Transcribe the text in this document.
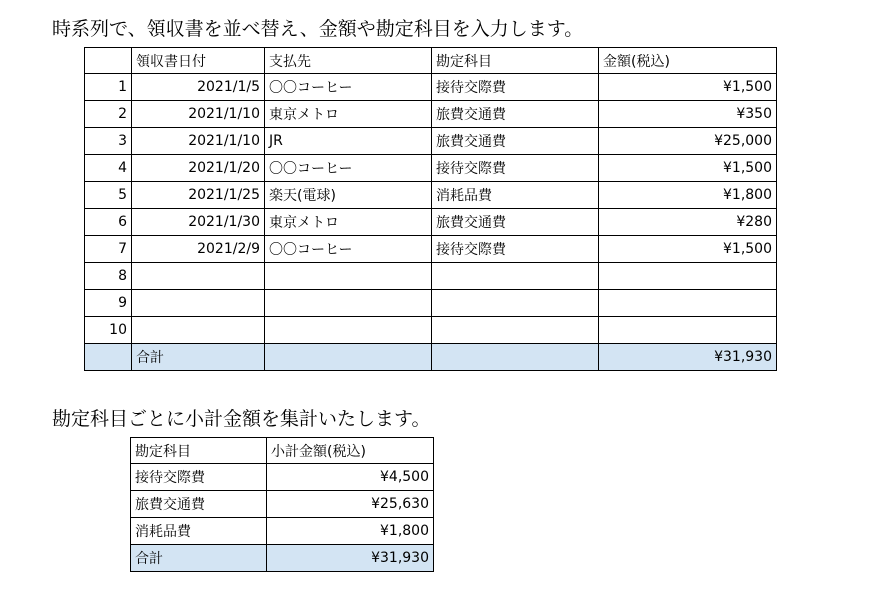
時系列で、領収書を並べ替え、金額や勘定科目を入力します。
	領収書日付	支払先	勘定科目	金額(税込)
1	2021/1/5	〇〇コーヒー	接待交際費	¥1,500
2	2021/1/10	東京メトロ	旅費交通費	¥350
3	2021/1/10	JR	旅費交通費	¥25,000
4	2021/1/20	〇〇コーヒー	接待交際費	¥1,500
5	2021/1/25	楽天(電球)	消耗品費	¥1,800
6	2021/1/30	東京メトロ	旅費交通費	¥280
7	2021/2/9	〇〇コーヒー	接待交際費	¥1,500
8				
9				
10				
	合計			¥31,930
勘定科目ごとに小計金額を集計いたします。
勘定科目	小計金額(税込)
接待交際費	¥4,500
旅費交通費	¥25,630
消耗品費	¥1,800
合計	¥31,930
